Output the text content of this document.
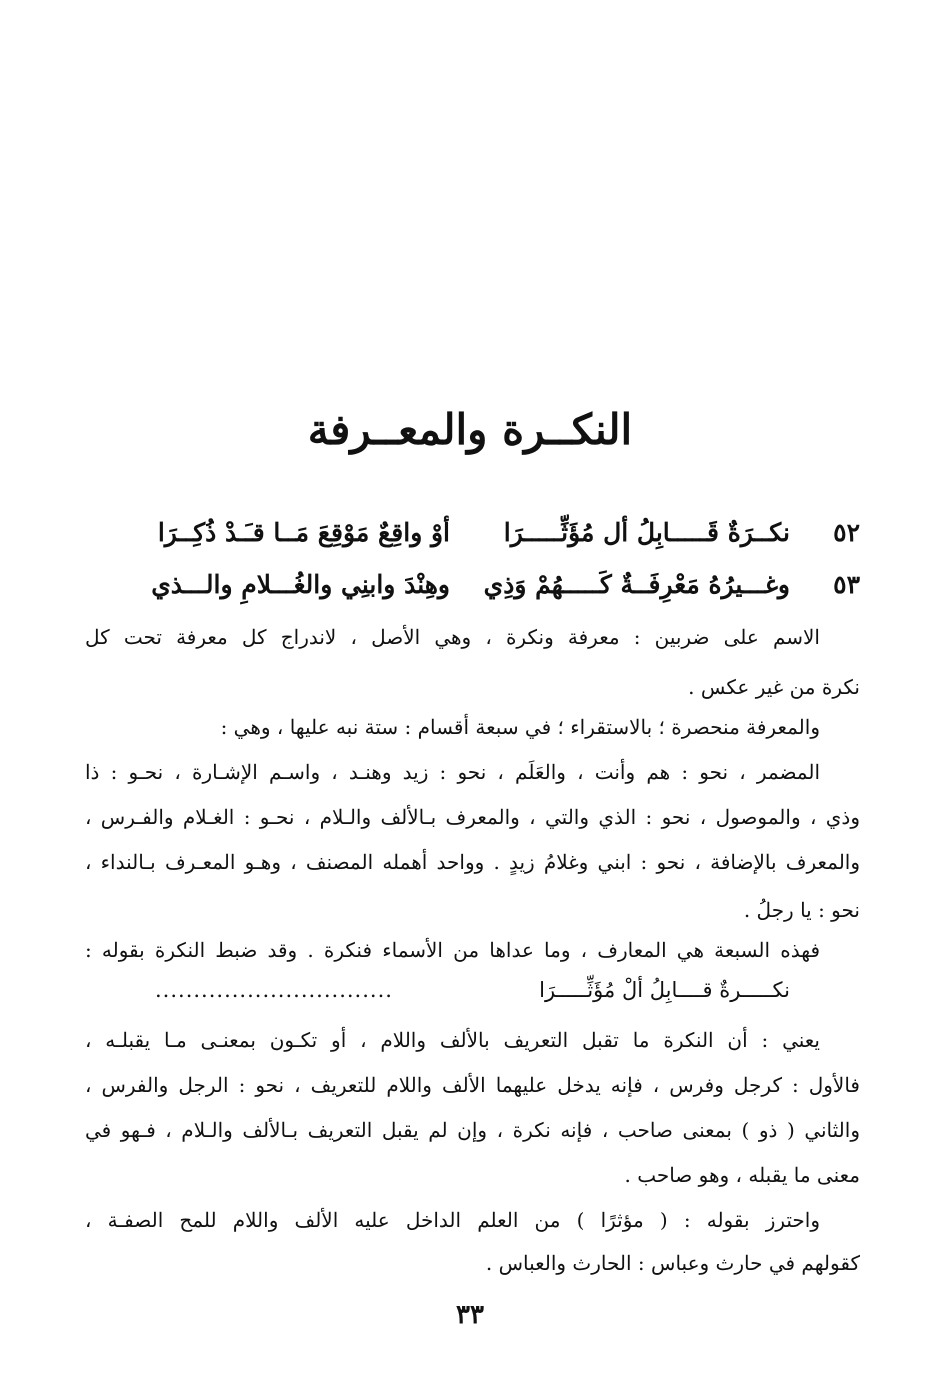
النكــرة والمعــرفة
٥٢
نكــرَةٌ قَـــــابِلُ أل مُؤَثِّـــــرَا
أوْ واقِعٌ مَوْقِعَ مَــا قـَـدْ ذُكِــرَا
٥٣
وغـــيرُهُ مَعْرِفَــةٌ كَـــــهُمْ وَذِي
وهِنْدَ وابنِي والغُـــلامِ والـــذي
الاسم على ضربين : معرفة ونكرة ، وهي الأصل ، لاندراج كل معرفة تحت كل
نكرة من غير عكس .
والمعرفة منحصرة ؛ بالاستقراء ؛ في سبعة أقسام : ستة نبه عليها ، وهي :
المضمر ، نحو : هم وأنت ، والعَلَم ، نحو : زيد وهنـد ، واسـم الإشـارة ، نحـو : ذا
وذي ، والموصول ، نحو : الذي والتي ، والمعرف بـالألف والـلام ، نحـو : الغـلام والفـرس ،
والمعرف بالإضافة ، نحو : ابني وغلامُ زيدٍ . وواحد أهمله المصنف ، وهـو المعـرف بـالنداء ،
نحو : يا رجلُ .
فهذه السبعة هي المعارف ، وما عداها من الأسماء فنكرة . وقد ضبط النكرة بقوله :
نكـــــرةٌ قــــابِلُ ألْ مُؤَثِّـــــرَا
...............................
يعني : أن النكرة ما تقبل التعريف بالألف واللام ، أو تكـون بمعنـى مـا يقبلـه ،
فالأول : كرجل وفرس ، فإنه يدخل عليهما الألف واللام للتعريف ، نحو : الرجل والفرس ،
والثاني ( ذو ) بمعنى صاحب ، فإنه نكرة ، وإن لم يقبل التعريف بـالألف والـلام ، فـهو في
معنى ما يقبله ، وهو صاحب .
واحترز بقوله : ( مؤثرًا ) من العلم الداخل عليه الألف واللام للمح الصفـة ،
كقولهم في حارث وعباس : الحارث والعباس .
٣٣
